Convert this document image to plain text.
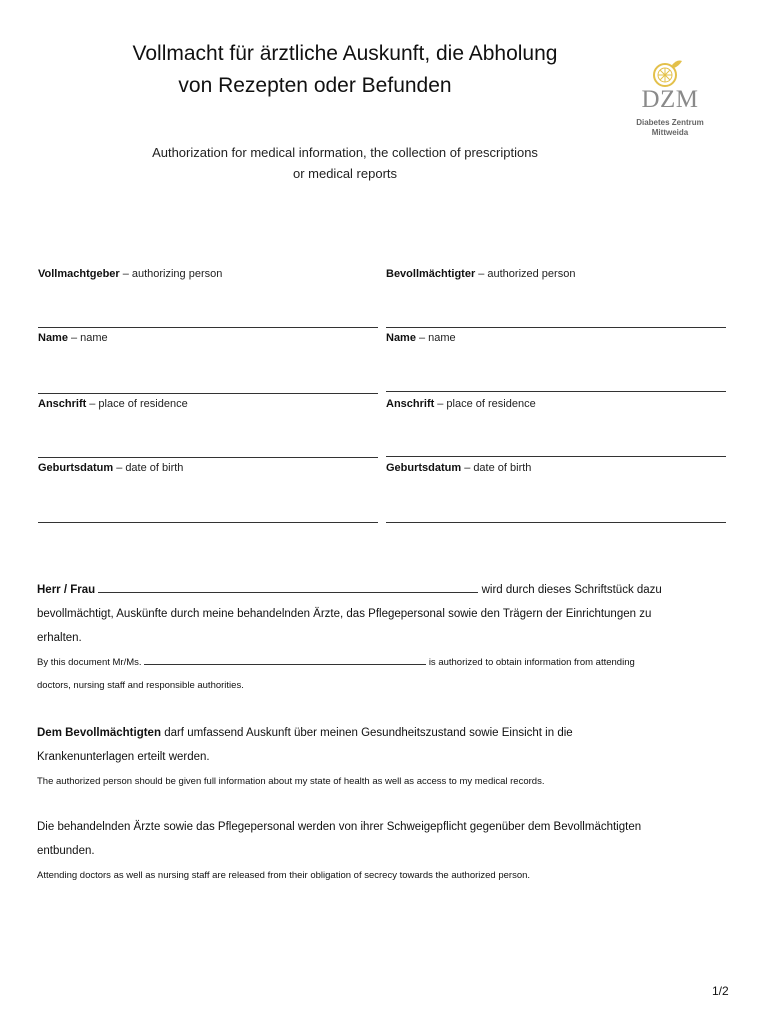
Vollmacht für ärztliche Auskunft, die Abholung
von Rezepten oder Befunden
DZM
Diabetes Zentrum
Mittweida
Authorization for medical information, the collection of prescriptions
or medical reports
Vollmachtgeber – authorizing person
Name – name
Anschrift – place of residence
Geburtsdatum – date of birth
Bevollmächtigter – authorized person
Name – name
Anschrift – place of residence
Geburtsdatum – date of birth
Herr / Frau	wird durch dieses Schriftstück dazu
bevollmächtigt, Auskünfte durch meine behandelnden Ärzte, das Pflegepersonal sowie den Trägern der Einrichtungen zu
erhalten.
By this document Mr/Ms.	is authorized to obtain information from attending
doctors, nursing staff and responsible authorities.
Dem Bevollmächtigten darf umfassend Auskunft über meinen Gesundheitszustand sowie Einsicht in die
Krankenunterlagen erteilt werden.
The authorized person should be given full information about my state of health as well as access to my medical records.
Die behandelnden Ärzte sowie das Pflegepersonal werden von ihrer Schweigepflicht gegenüber dem Bevollmächtigten
entbunden.
Attending doctors as well as nursing staff are released from their obligation of secrecy towards the authorized person.
1/2
